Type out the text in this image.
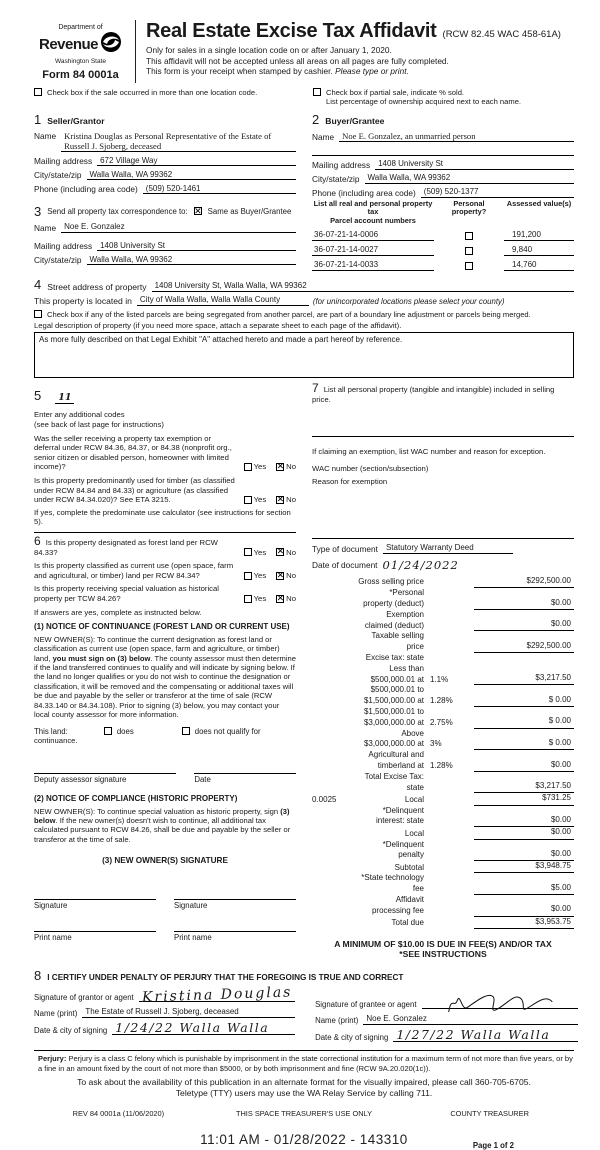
Department of
Revenue
Washington State
Form 84 0001a
Real Estate Excise Tax Affidavit (RCW 82.45 WAC 458-61A)
Only for sales in a single location code on or after January 1, 2020.
This affidavit will not be accepted unless all areas on all pages are fully completed.
This form is your receipt when stamped by cashier. Please type or print.
Check box if the sale occurred in more than one location code.	Check box if partial sale, indicate % sold.
List percentage of ownership acquired next to each name.
1 Seller/Grantor
Name Kristina Douglas as Personal Representative of the Estate of Russell J. Sjoberg, deceased
Mailing address	672 Village Way
City/state/zip	Walla Walla, WA 99362
Phone (including area code)	(509) 520-1461
2 Buyer/Grantee
Name Noe E. Gonzalez, an unmarried person
Mailing address	1408 University St
City/state/zip	Walla Walla, WA 99362
Phone (including area code)	(509) 520-1377
3 Send all property tax correspondence to: ✕	Same as Buyer/Grantee
Name	Noe E. Gonzalez
Mailing address	1408 University St
City/state/zip	Walla Walla, WA 99362
List all real and personal property tax
Parcel account numbers
Personal property?
Assessed value(s)
36-07-21-14-0006	191,200
36-07-21-14-0027	9,840
36-07-21-14-0033	14,760
4 Street address of property	1408 University St, Walla Walla, WA 99362
This property is located in	City of Walla Walla, Walla Walla County	(for unincorporated locations please select your county)
Check box if any of the listed parcels are being segregated from another parcel, are part of a boundary line adjustment or parcels being merged.
Legal description of property (if you need more space, attach a separate sheet to each page of the affidavit).
As more fully described on that Legal Exhibit "A" attached hereto and made a part hereof by reference.
5	11
Enter any additional codes
(see back of last page for instructions)
Was the seller receiving a property tax exemption or deferral under RCW 84.36, 84.37, or 84.38 (nonprofit org., senior citizen or disabled person, homeowner with limited income)?	Yes ✕	No
Is this property predominantly used for timber (as classified under RCW 84.84 and 84.33) or agriculture (as classified under RCW 84.34.020)? See ETA 3215.	Yes ✕	No
If yes, complete the predominate use calculator (see instructions for section 5).
6 Is this property designated as forest land per RCW 84.33?	Yes ✕	No
Is this property classified as current use (open space, farm and agricultural, or timber) land per RCW 84.34?	Yes ✕	No
Is this property receiving special valuation as historical property per TCW 84.26?	Yes ✕	No
If answers are yes, complete as instructed below.
(1) NOTICE OF CONTINUANCE (FOREST LAND OR CURRENT USE)
NEW OWNER(S): To continue the current designation as forest land or classification as current use (open space, farm and agriculture, or timber) land, you must sign on (3) below. The county assessor must then determine if the land transferred continues to qualify and will indicate by signing below. If the land no longer qualifies or you do not wish to continue the designation or classification, it will be removed and the compensating or additional taxes will be due and payable by the seller or transferor at the time of sale (RCW 84.33.140 or 84.34.108). Prior to signing (3) below, you may contact your local county assessor for more information.
This land:	does	does not qualify for
continuance.
Deputy assessor signature	Date
(2) NOTICE OF COMPLIANCE (HISTORIC PROPERTY)
NEW OWNER(S): To continue special valuation as historic property, sign (3) below. If the new owner(s) doesn't wish to continue, all additional tax calculated pursuant to RCW 84.26, shall be due and payable by the seller or transferor at the time of sale.
(3) NEW OWNER(S) SIGNATURE
Signature	Signature
Print name	Print name
7 List all personal property (tangible and intangible) included in selling price.
If claiming an exemption, list WAC number and reason for exception.
WAC number (section/subsection)
Reason for exemption
Type of document	Statutory Warranty Deed
Date of document 01/24/2022
Gross selling price	$292,500.00
*Personal property (deduct)	$0.00
Exemption claimed (deduct)	$0.00
Taxable selling price	$292,500.00
Excise tax: state
Less than $500,000.01 at 1.1%	$3,217.50
$500,000.01 to $1,500,000.00 at 1.28%	$ 0.00
$1,500,000.01 to $3,000,000.00 at 2.75%	$ 0.00
Above $3,000,000.00 at 3%	$ 0.00
Agricultural and timberland at 1.28%	$0.00
Total Excise Tax: state	$3,217.50
0.0025	Local	$731.25
*Delinquent interest: state	$0.00
Local	$0.00
*Delinquent penalty	$0.00
Subtotal	$3,948.75
*State technology fee	$5.00
Affidavit processing fee	$0.00
Total due	$3,953.75
A MINIMUM OF $10.00 IS DUE IN FEE(S) AND/OR TAX
*SEE INSTRUCTIONS
8 I CERTIFY UNDER PENALTY OF PERJURY THAT THE FOREGOING IS TRUE AND CORRECT
Signature of grantor or agent Kristina Douglas
Name (print)	The Estate of Russell J. Sjoberg, deceased
Date & city of signing 1/24/22 Walla Walla
Signature of grantee or agent
Name (print)	Noe E. Gonzalez
Date & city of signing 1/27/22 Walla Walla
Perjury: Perjury is a class C felony which is punishable by imprisonment in the state correctional institution for a maximum term of not more than five years, or by a fine in an amount fixed by the court of not more than $5000, or by both imprisonment and fine (RCW 9A.20.020(1c)).
To ask about the availability of this publication in an alternate format for the visually impaired, please call 360-705-6705.
Teletype (TTY) users may use the WA Relay Service by calling 711.
REV 84 0001a (11/06/2020)	THIS SPACE TREASURER'S USE ONLY	COUNTY TREASURER
11:01 AM - 01/28/2022 - 143310	Page 1 of 2
